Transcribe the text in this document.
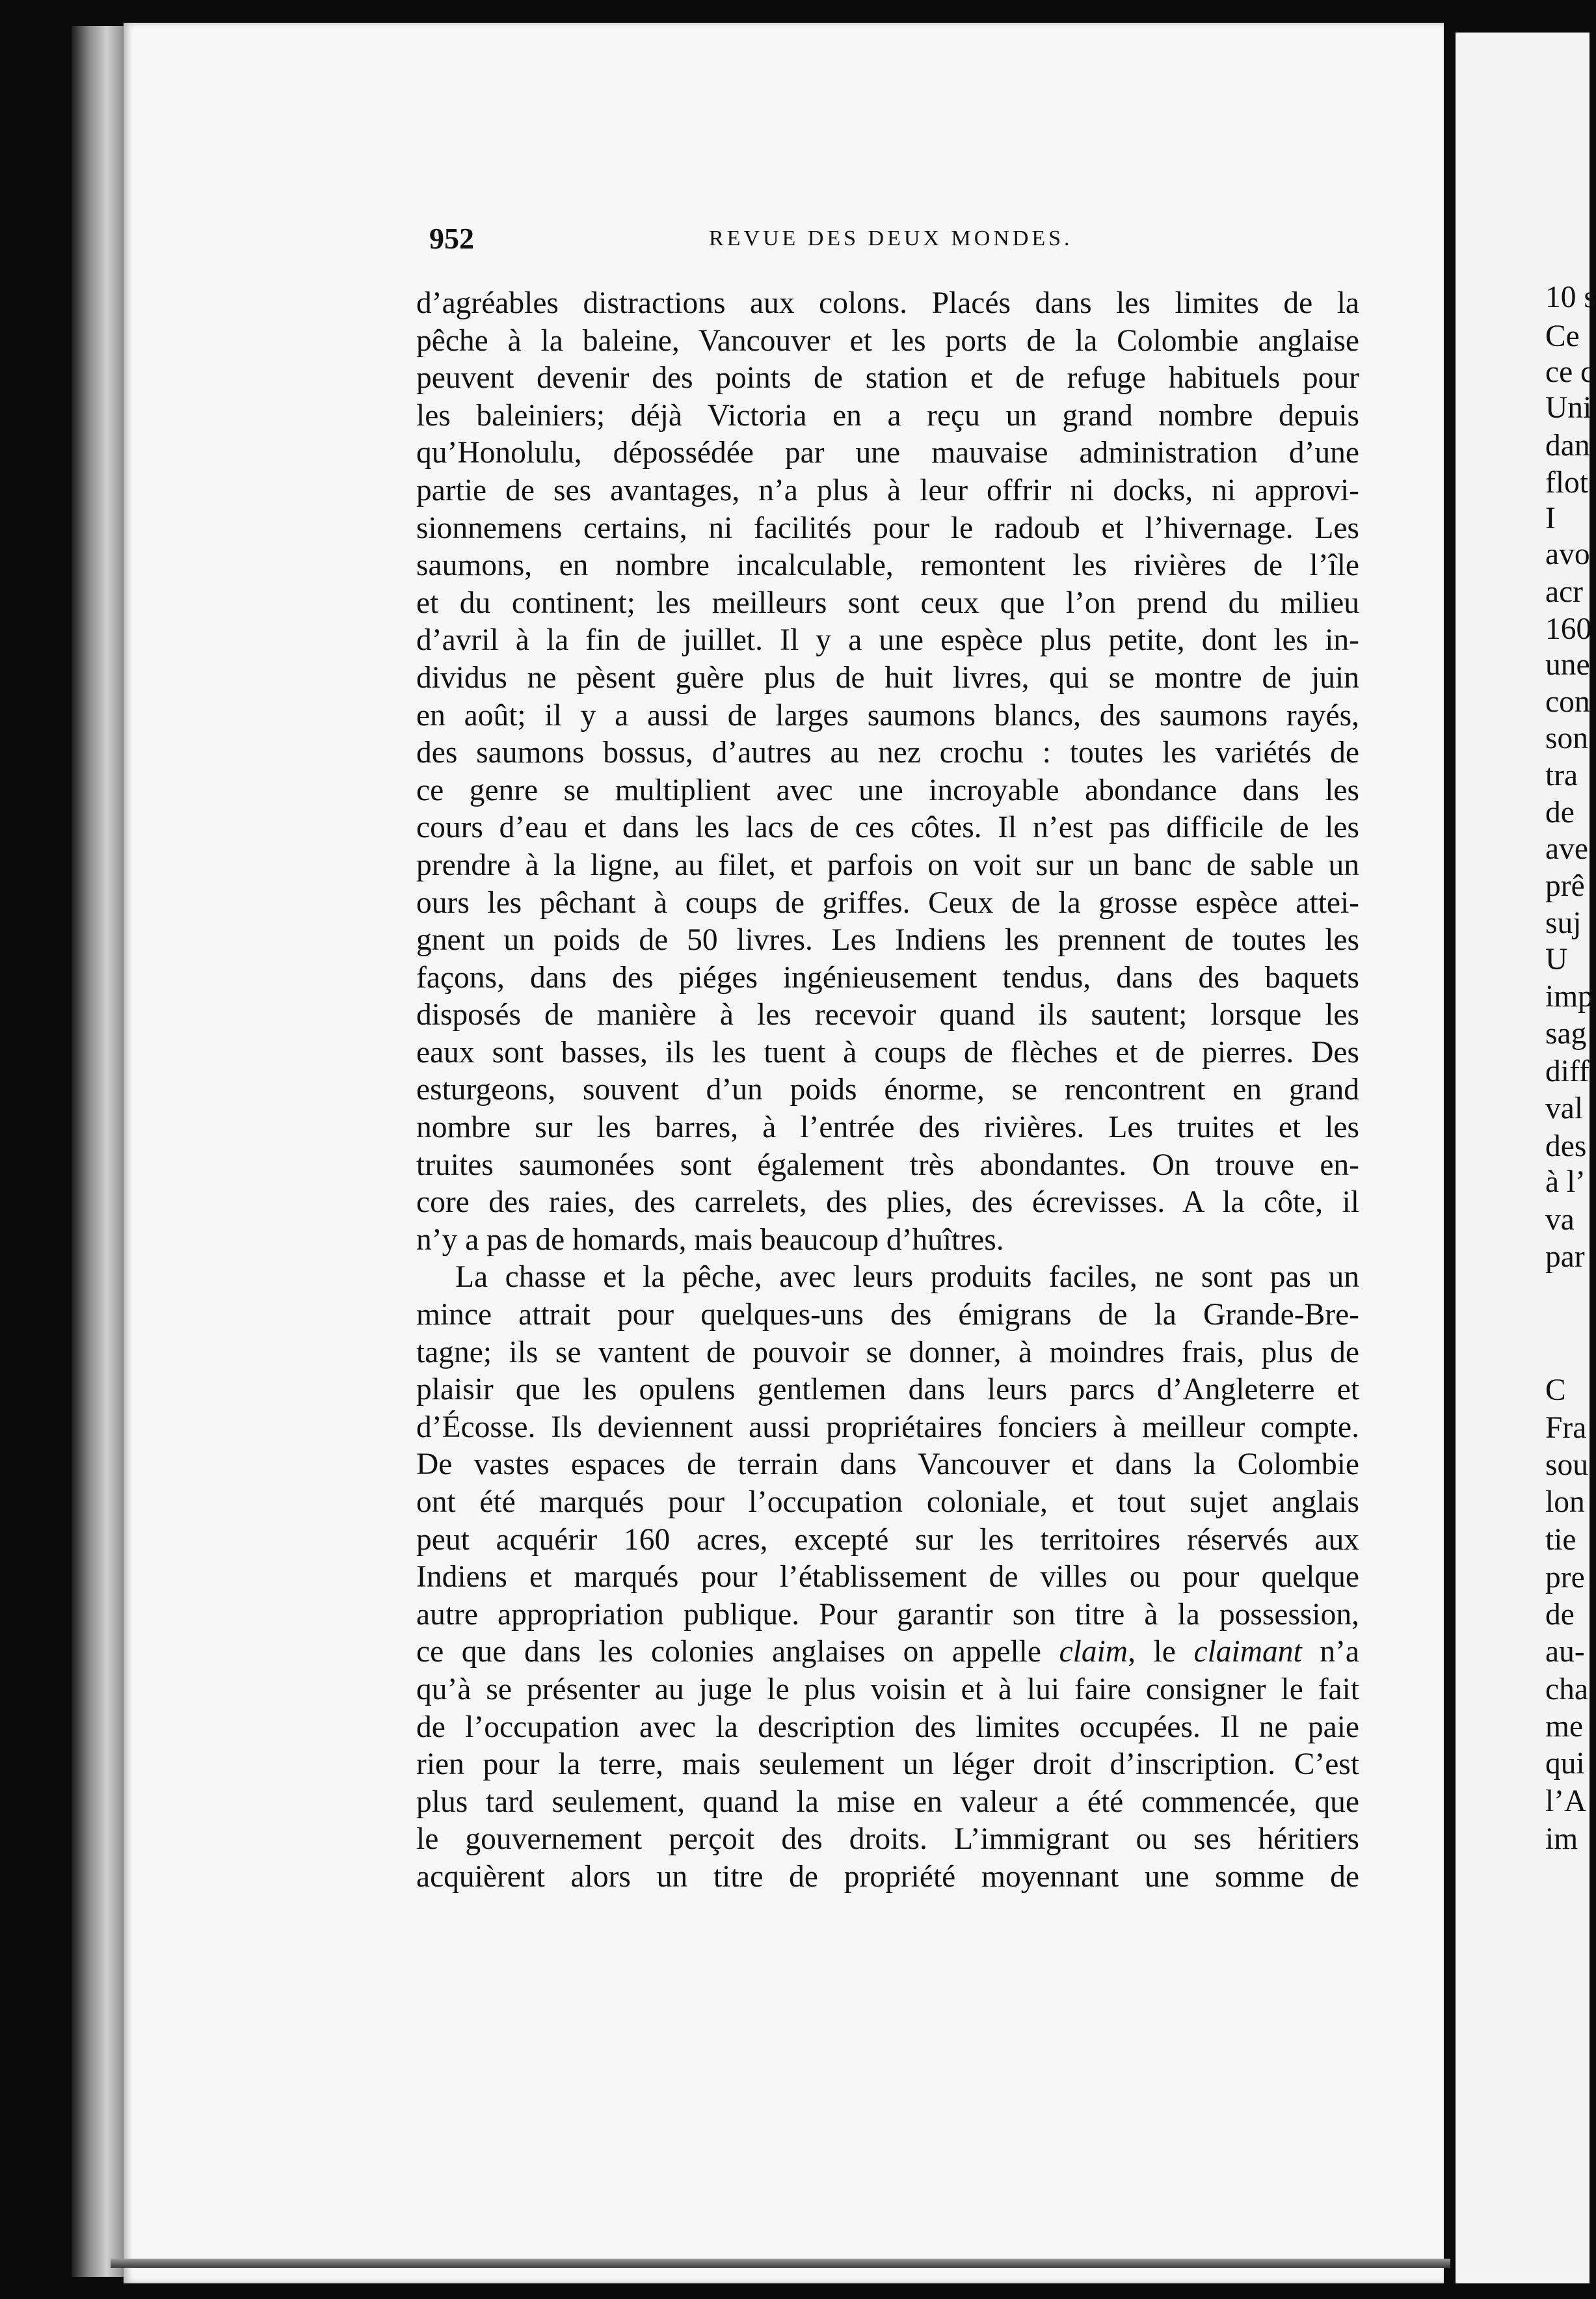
952	REVUE DES DEUX MONDES.
d’agréables distractions aux colons. Placés dans les limites de la
pêche à la baleine, Vancouver et les ports de la Colombie anglaise
peuvent devenir des points de station et de refuge habituels pour
les baleiniers; déjà Victoria en a reçu un grand nombre depuis
qu’Honolulu, dépossédée par une mauvaise administration d’une
partie de ses avantages, n’a plus à leur offrir ni docks, ni approvi-
sionnemens certains, ni facilités pour le radoub et l’hivernage. Les
saumons, en nombre incalculable, remontent les rivières de l’île
et du continent; les meilleurs sont ceux que l’on prend du milieu
d’avril à la fin de juillet. Il y a une espèce plus petite, dont les in-
dividus ne pèsent guère plus de huit livres, qui se montre de juin
en août; il y a aussi de larges saumons blancs, des saumons rayés,
des saumons bossus, d’autres au nez crochu : toutes les variétés de
ce genre se multiplient avec une incroyable abondance dans les
cours d’eau et dans les lacs de ces côtes. Il n’est pas difficile de les
prendre à la ligne, au filet, et parfois on voit sur un banc de sable un
ours les pêchant à coups de griffes. Ceux de la grosse espèce attei-
gnent un poids de 50 livres. Les Indiens les prennent de toutes les
façons, dans des piéges ingénieusement tendus, dans des baquets
disposés de manière à les recevoir quand ils sautent; lorsque les
eaux sont basses, ils les tuent à coups de flèches et de pierres. Des
esturgeons, souvent d’un poids énorme, se rencontrent en grand
nombre sur les barres, à l’entrée des rivières. Les truites et les
truites saumonées sont également très abondantes. On trouve en-
core des raies, des carrelets, des plies, des écrevisses. A la côte, il
n’y a pas de homards, mais beaucoup d’huîtres.
La chasse et la pêche, avec leurs produits faciles, ne sont pas un
mince attrait pour quelques-uns des émigrans de la Grande-Bre-
tagne; ils se vantent de pouvoir se donner, à moindres frais, plus de
plaisir que les opulens gentlemen dans leurs parcs d’Angleterre et
d’Écosse. Ils deviennent aussi propriétaires fonciers à meilleur compte.
De vastes espaces de terrain dans Vancouver et dans la Colombie
ont été marqués pour l’occupation coloniale, et tout sujet anglais
peut acquérir 160 acres, excepté sur les territoires réservés aux
Indiens et marqués pour l’établissement de villes ou pour quelque
autre appropriation publique. Pour garantir son titre à la possession,
ce que dans les colonies anglaises on appelle claim, le claimant n’a
qu’à se présenter au juge le plus voisin et à lui faire consigner le fait
de l’occupation avec la description des limites occupées. Il ne paie
rien pour la terre, mais seulement un léger droit d’inscription. C’est
plus tard seulement, quand la mise en valeur a été commencée, que
le gouvernement perçoit des droits. L’immigrant ou ses héritiers
acquièrent alors un titre de propriété moyennant une somme de
10 s
Ce
ce c
Uni
dan
flot
I
avo
acr
160
une
con
son
tra
de
ave
prê
suj
U
imp
sag
diff
val
des
à l’
va
par
C
Fra
sou
lon
tie
pre
de
au-
cha
me
qui
l’A
im
